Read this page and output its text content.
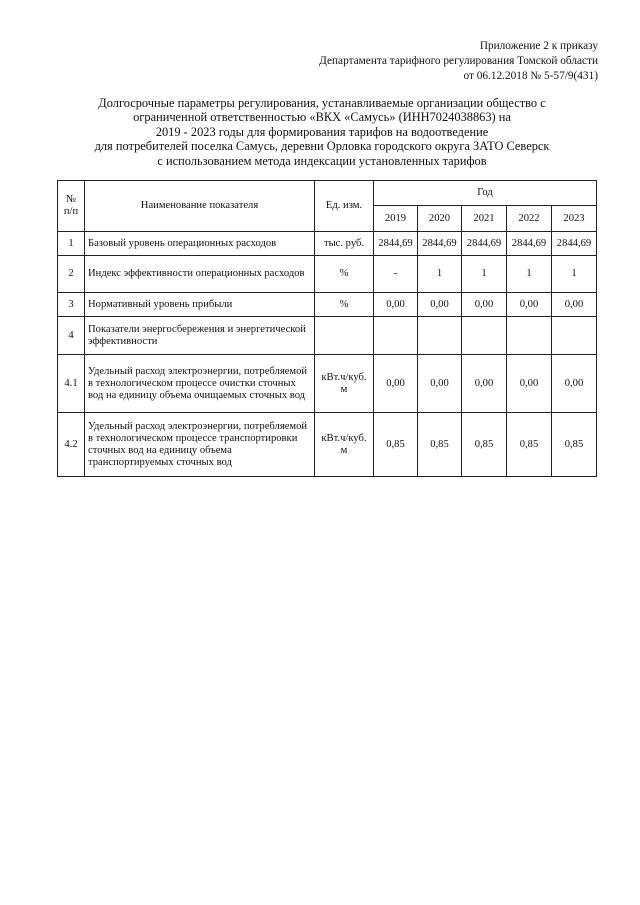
Приложение 2 к приказу
Департамента тарифного регулирования Томской области
от 06.12.2018 № 5-57/9(431)
Долгосрочные параметры регулирования, устанавливаемые организации общество с
ограниченной ответственностью «ВКХ «Самусь» (ИНН7024038863) на
2019 - 2023 годы для формирования тарифов на водоотведение
для потребителей поселка Самусь, деревни Орловка городского округа ЗАТО Северск
с использованием метода индексации установленных тарифов
№ п/п	Наименование показателя	Ед. изм.	Год				
			2019	2020	2021	2022	2023
1	Базовый уровень операционных расходов	тыс. руб.	2844,69	2844,69	2844,69	2844,69	2844,69
2	Индекс эффективности операционных расходов	%	-	1	1	1	1
3	Нормативный уровень прибыли	%	0,00	0,00	0,00	0,00	0,00
4	Показатели энергосбережения и энергетической эффективности						
4.1	Удельный расход электроэнергии, потребляемой в технологическом процессе очистки сточных вод на единицу объема очищаемых сточных вод	кВт.ч/куб. м	0,00	0,00	0,00	0,00	0,00
4.2	Удельный расход электроэнергии, потребляемой в технологическом процессе транспортировки сточных вод на единицу объема транспортируемых сточных вод	кВт.ч/куб. м	0,85	0,85	0,85	0,85	0,85
